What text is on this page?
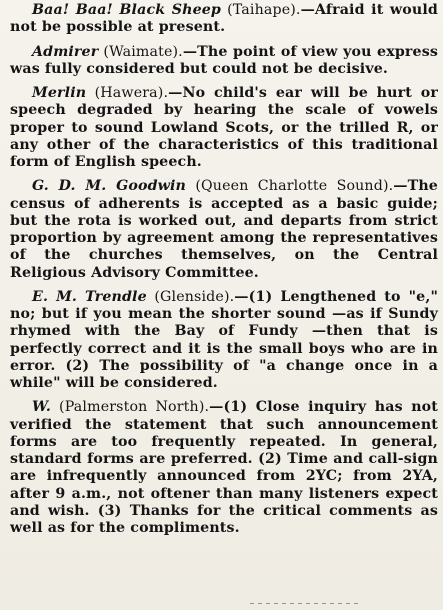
Baa! Baa! Black Sheep (Taihape).—Afraid it would not be possible at present.

Admirer (Waimate).—The point of view you express was fully considered but could not be decisive.

Merlin (Hawera).—No child's ear will be hurt or speech degraded by hearing the scale of vowels proper to sound Lowland Scots, or the trilled R, or any other of the characteristics of this traditional form of English speech.

G. D. M. Goodwin (Queen Charlotte Sound).—The census of adherents is accepted as a basic guide; but the rota is worked out, and departs from strict proportion by agreement among the representatives of the churches themselves, on the Central Religious Advisory Committee.

E. M. Trendle (Glenside).—(1) Lengthened to "e," no; but if you mean the shorter sound —as if Sundy rhymed with the Bay of Fundy —then that is perfectly correct and it is the small boys who are in error. (2) The possibility of "a change once in a while" will be considered.

W. (Palmerston North).—(1) Close inquiry has not verified the statement that such announcement forms are too frequently repeated. In general, standard forms are preferred. (2) Time and call-sign are infrequently announced from 2YC; from 2YA, after 9 a.m., not oftener than many listeners expect and wish. (3) Thanks for the critical comments as well as for the compliments.
